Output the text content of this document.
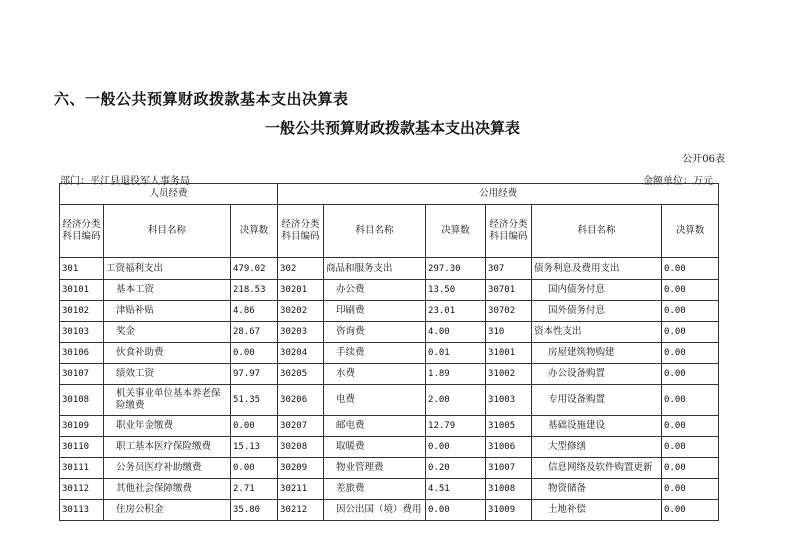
六、一般公共预算财政拨款基本支出决算表
一般公共预算财政拨款基本支出决算表
公开06表
部门：平江县退役军人事务局	金额单位：万元
人员经费			公用经费					
经济分类科目编码	科目名称	决算数	经济分类科目编码	科目名称	决算数	经济分类科目编码	科目名称	决算数
301	工资福利支出	479.02	302	商品和服务支出	297.30	307	债务利息及费用支出	0.00
30101	基本工资	218.53	30201	办公费	13.50	30701	国内债务付息	0.00
30102	津贴补贴	4.86	30202	印刷费	23.01	30702	国外债务付息	0.00
30103	奖金	28.67	30203	咨询费	4.00	310	资本性支出	0.00
30106	伙食补助费	0.00	30204	手续费	0.01	31001	房屋建筑物购建	0.00
30107	绩效工资	97.97	30205	水费	1.89	31002	办公设备购置	0.00
30108	机关事业单位基本养老保险缴费	51.35	30206	电费	2.00	31003	专用设备购置	0.00
30109	职业年金缴费	0.00	30207	邮电费	12.79	31005	基础设施建设	0.00
30110	职工基本医疗保险缴费	15.13	30208	取暖费	0.00	31006	大型修缮	0.00
30111	公务员医疗补助缴费	0.00	30209	物业管理费	0.20	31007	信息网络及软件购置更新	0.00
30112	其他社会保障缴费	2.71	30211	差旅费	4.51	31008	物资储备	0.00
30113	住房公积金	35.80	30212	因公出国（境）费用	0.00	31009	土地补偿	0.00
